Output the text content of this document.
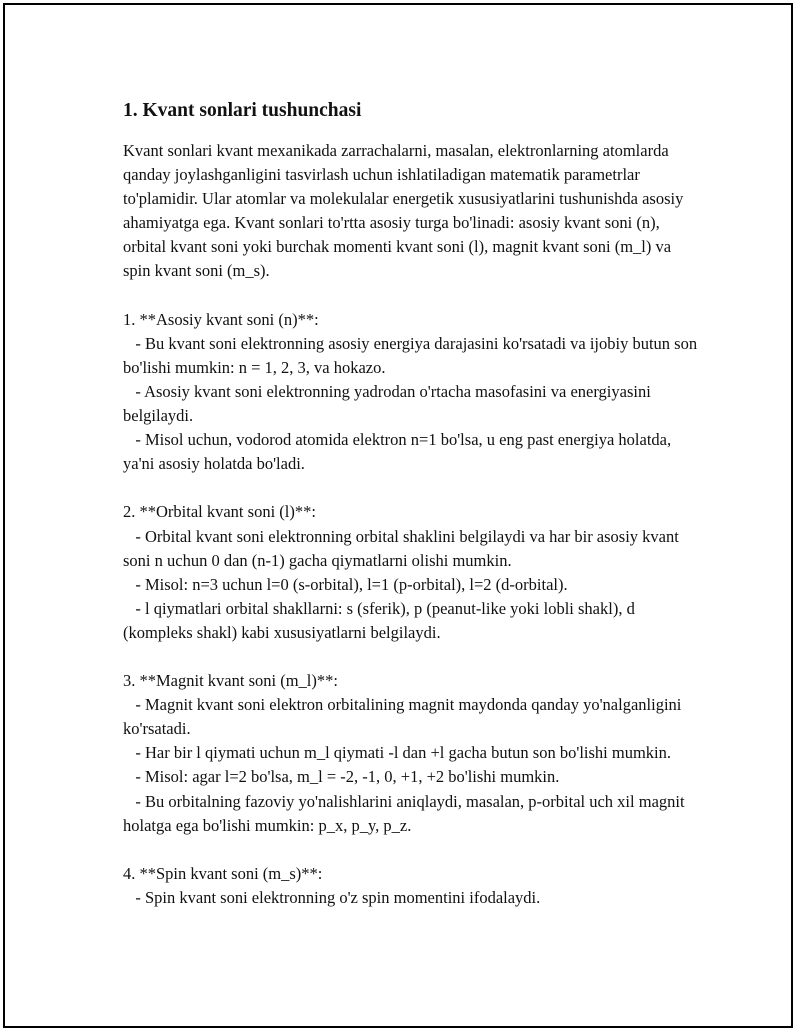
1. Kvant sonlari tushunchasi

Kvant sonlari kvant mexanikada zarrachalarni, masalan, elektronlarning atomlarda qanday joylashganligini tasvirlash uchun ishlatiladigan matematik parametrlar to'plamidir. Ular atomlar va molekulalar energetik xususiyatlarini tushunishda asosiy ahamiyatga ega. Kvant sonlari to'rtta asosiy turga bo'linadi: asosiy kvant soni (n), orbital kvant soni yoki burchak momenti kvant soni (l), magnit kvant soni (m_l) va spin kvant soni (m_s).

1. **Asosiy kvant soni (n)**:

- Bu kvant soni elektronning asosiy energiya darajasini ko'rsatadi va ijobiy butun son bo'lishi mumkin: n = 1, 2, 3, va hokazo.

- Asosiy kvant soni elektronning yadrodan o'rtacha masofasini va energiyasini belgilaydi.

- Misol uchun, vodorod atomida elektron n=1 bo'lsa, u eng past energiya holatda, ya'ni asosiy holatda bo'ladi.

2. **Orbital kvant soni (l)**:

- Orbital kvant soni elektronning orbital shaklini belgilaydi va har bir asosiy kvant soni n uchun 0 dan (n-1) gacha qiymatlarni olishi mumkin.

- Misol: n=3 uchun l=0 (s-orbital), l=1 (p-orbital), l=2 (d-orbital).

- l qiymatlari orbital shakllarni: s (sferik), p (peanut-like yoki lobli shakl), d (kompleks shakl) kabi xususiyatlarni belgilaydi.

3. **Magnit kvant soni (m_l)**:

- Magnit kvant soni elektron orbitalining magnit maydonda qanday yo'nalganligini ko'rsatadi.

- Har bir l qiymati uchun m_l qiymati -l dan +l gacha butun son bo'lishi mumkin.

- Misol: agar l=2 bo'lsa, m_l = -2, -1, 0, +1, +2 bo'lishi mumkin.

- Bu orbitalning fazoviy yo'nalishlarini aniqlaydi, masalan, p-orbital uch xil magnit holatga ega bo'lishi mumkin: p_x, p_y, p_z.

4. **Spin kvant soni (m_s)**:

- Spin kvant soni elektronning o'z spin momentini ifodalaydi.
